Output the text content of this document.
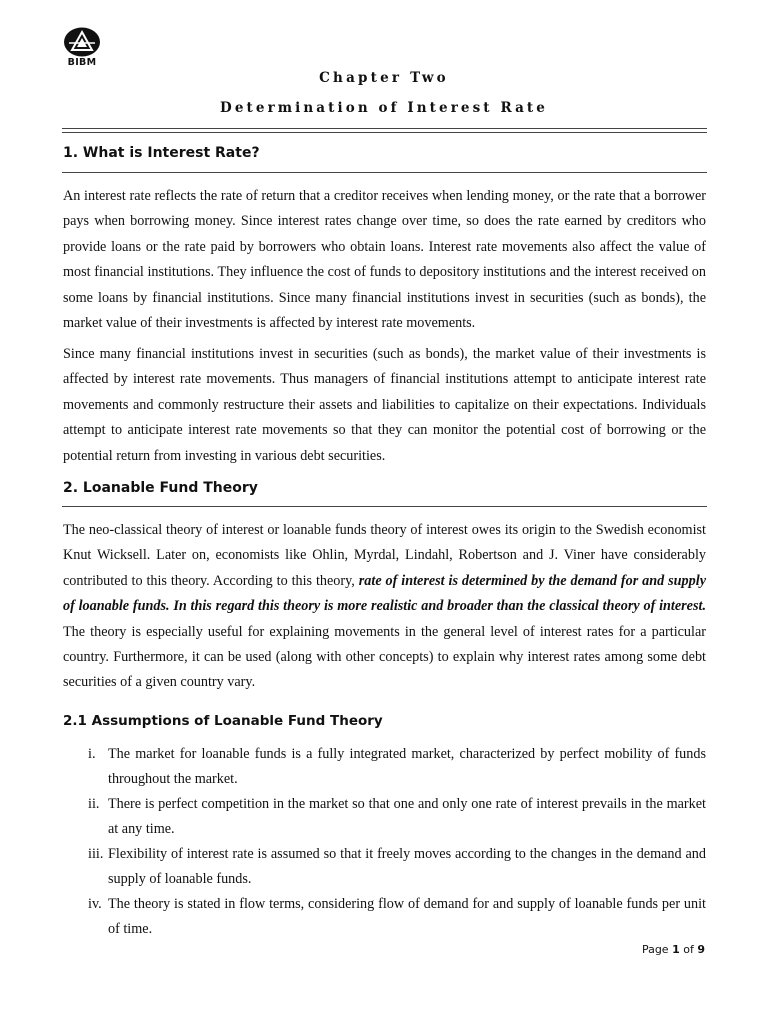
BIBM
Chapter Two
Determination of Interest Rate
1. What is Interest Rate?

An interest rate reflects the rate of return that a creditor receives when lending money, or the rate that a borrower pays when borrowing money. Since interest rates change over time, so does the rate earned by creditors who provide loans or the rate paid by borrowers who obtain loans. Interest rate movements also affect the value of most financial institutions. They influence the cost of funds to depository institutions and the interest received on some loans by financial institutions. Since many financial institutions invest in securities (such as bonds), the market value of their investments is affected by interest rate movements.

Since many financial institutions invest in securities (such as bonds), the market value of their investments is affected by interest rate movements. Thus managers of financial institutions attempt to anticipate interest rate movements and commonly restructure their assets and liabilities to capitalize on their expectations. Individuals attempt to anticipate interest rate movements so that they can monitor the potential cost of borrowing or the potential return from investing in various debt securities.

2. Loanable Fund Theory

The neo-classical theory of interest or loanable funds theory of interest owes its origin to the Swedish economist Knut Wicksell. Later on, economists like Ohlin, Myrdal, Lindahl, Robertson and J. Viner have considerably contributed to this theory. According to this theory, rate of interest is determined by the demand for and supply of loanable funds. In this regard this theory is more realistic and broader than the classical theory of interest. The theory is especially useful for explaining movements in the general level of interest rates for a particular country. Furthermore, it can be used (along with other concepts) to explain why interest rates among some debt securities of a given country vary.

2.1 Assumptions of Loanable Fund Theory
i. The market for loanable funds is a fully integrated market, characterized by perfect mobility of funds throughout the market.
ii. There is perfect competition in the market so that one and only one rate of interest prevails in the market at any time.
iii. Flexibility of interest rate is assumed so that it freely moves according to the changes in the demand and supply of loanable funds.
iv. The theory is stated in flow terms, considering flow of demand for and supply of loanable funds per unit of time.
Page 1 of 9
